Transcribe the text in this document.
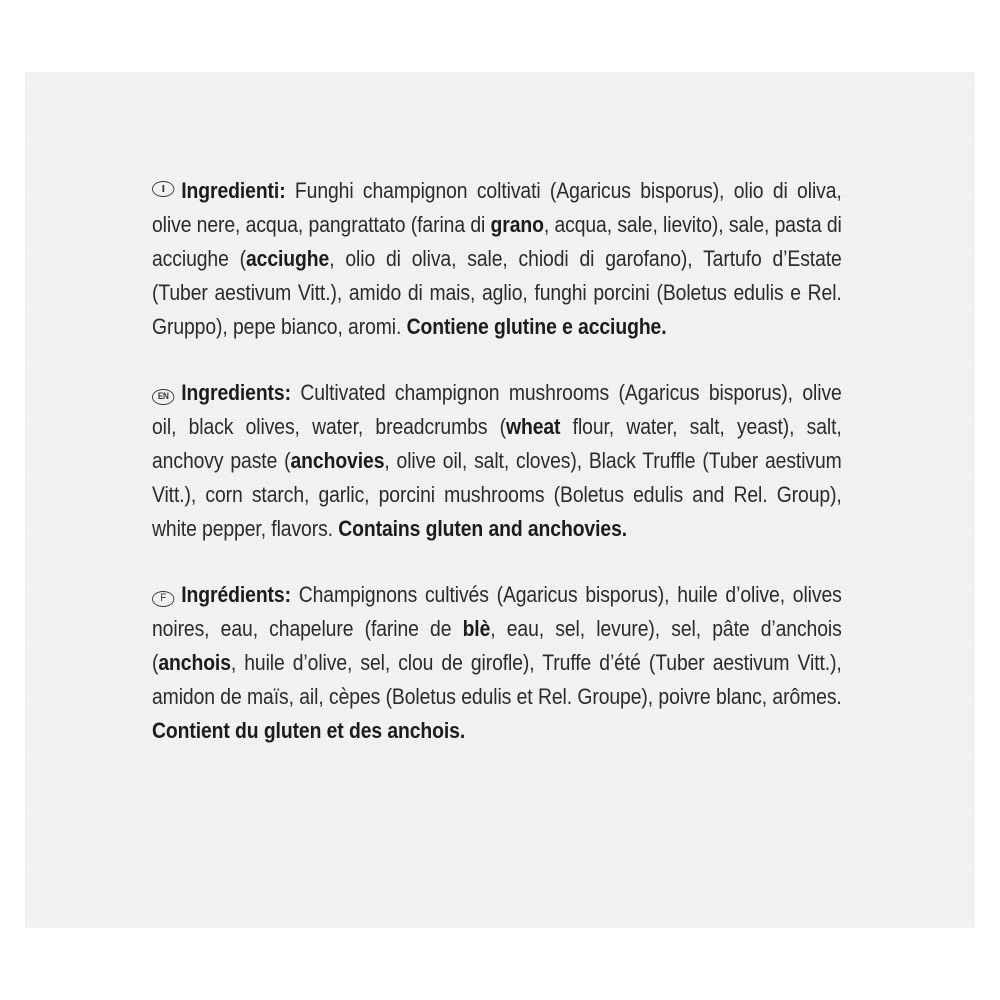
Ingredienti: Funghi champignon coltivati (Agaricus bisporus), olio di oliva, olive nere, acqua, pangrattato (farina di grano, acqua, sale, lievito), sale, pasta di acciughe (acciughe, olio di oliva, sale, chiodi di garofano), Tartufo d’Estate (Tuber aestivum Vitt.), amido di mais, aglio, funghi porcini (Boletus edulis e Rel. Gruppo), pepe bianco, aromi. Contiene glutine e acciughe.

EN Ingredients: Cultivated champignon mushrooms (Agaricus bisporus), olive oil, black olives, water, breadcrumbs (wheat flour, water, salt, yeast), salt, anchovy paste (anchovies, olive oil, salt, cloves), Black Truffle (Tuber aestivum Vitt.), corn starch, garlic, porcini mushrooms (Boletus edulis and Rel. Group), white pepper, flavors. Contains gluten and anchovies.

F Ingrédients: Champignons cultivés (Agaricus bisporus), huile d’olive, olives noires, eau, chapelure (farine de blè, eau, sel, levure), sel, pâte d’anchois (anchois, huile d’olive, sel, clou de girofle), Truffe d’été (Tuber aestivum Vitt.), amidon de maïs, ail, cèpes (Boletus edulis et Rel. Groupe), poivre blanc, arômes. Contient du gluten et des anchois.
